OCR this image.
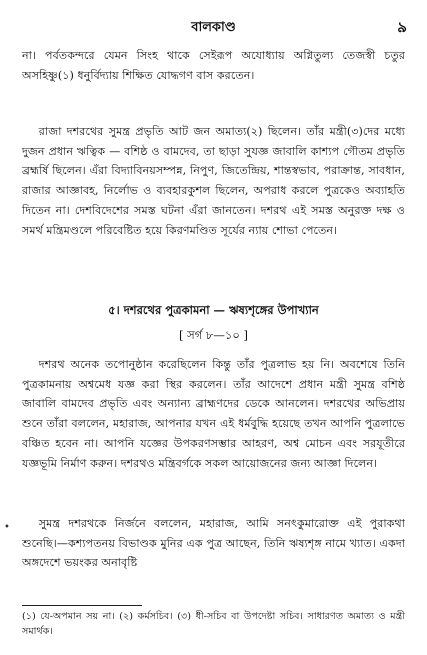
বালকাণ্ড	৯

না। পর্বতকন্দরে যেমন সিংহ থাকে সেইরূপ অযোধ্যায় অগ্নিতুল্য তেজস্বী চতুর অসহিষ্ণু(১) ধনুর্বিদ্যায় শিক্ষিত যোদ্ধগণ বাস করতেন।

রাজা দশরথের সুমন্ত্র প্রভৃতি আট জন অমাত্য(২) ছিলেন। তাঁর মন্ত্রী(৩)দের মধ্যে দুজন প্রধান ঋত্বিক — বশিষ্ঠ ও বামদেব, তা ছাড়া সুযজ্ঞ জাবালি কাশ্যপ গৌতম প্রভৃতি ব্রহ্মর্ষি ছিলেন। এঁরা বিদ্যাবিনয়সম্পন্ন, নিপুণ, জিতেন্দ্রিয়, শান্তস্বভাব, পরাক্রান্ত, সাবধান, রাজার আজ্ঞাবহ, নির্লোভ ও ব্যবহারকুশল ছিলেন, অপরাধ করলে পুত্রকেও অব্যাহতি দিতেন না। দেশবিদেশের সমস্ত ঘটনা এঁরা জানতেন। দশরথ এই সমস্ত অনুরক্ত দক্ষ ও সমর্থ মন্ত্রিমণ্ডলে পরিবেষ্টিত হয়ে কিরণমণ্ডিত সূর্যের ন্যায় শোভা পেতেন।

৫। দশরথের পুত্রকামনা — ঋষ্যশৃঙ্গের উপাখ্যান
[ সর্গ ৮—১০ ]

দশরথ অনেক তপোনুষ্ঠান করেছিলেন কিন্তু তাঁর পুত্রলাভ হয় নি। অবশেষে তিনি পুত্রকামনায় অশ্বমেধ যজ্ঞ করা স্থির করলেন। তাঁর আদেশে প্রধান মন্ত্রী সুমন্ত্র বশিষ্ঠ জাবালি বামদেব প্রভৃতি এবং অন্যান্য ব্রাহ্মণদের ডেকে আনলেন। দশরথের অভিপ্রায় শুনে তাঁরা বললেন, মহারাজ, আপনার যখন এই ধর্মবুদ্ধি হয়েছে তখন আপনি পুত্রলাভে বঞ্চিত হবেন না। আপনি যজ্ঞের উপকরণসম্ভার আহরণ, অশ্ব মোচন এবং সরযূতীরে যজ্ঞভূমি নির্মাণ করুন। দশরথও মন্ত্রিবর্গকে সকল আয়োজনের জন্য আজ্ঞা দিলেন।

•	সুমন্ত্র দশরথকে নির্জনে বললেন, মহারাজ, আমি সনৎকুমারোক্ত এই পুরাকথা শুনেছি।—কশ্যপতনয় বিভাণ্ডক মুনির এক পুত্র আছেন, তিনি ঋষ্যশৃঙ্গ নামে খ্যাত। একদা অঙ্গদেশে ভয়ংকর অনাবৃষ্টি

(১) যে-অপমান সয় না। (২) কর্মসচিব। (৩) ধী-সচিব বা উপদেষ্টা সচিব। সাধারণত অমাত্য ও মন্ত্রী সমার্থক।
